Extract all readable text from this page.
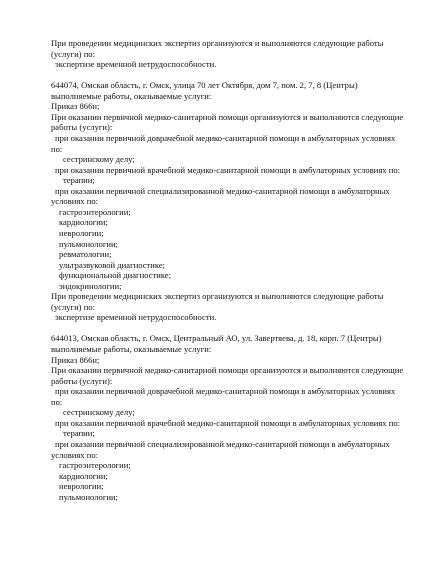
При проведении медицинских экспертиз организуются и выполняются следующие работы
(услуги) по:
экспертизе временной нетрудоспособности.
644074, Омская область, г. Омск, улица 70 лет Октября, дом 7, пом. 2, 7, 8 (Центры)
выполняемые работы, оказываемые услуги:
Приказ 866н;
При оказании первичной медико-санитарной помощи организуются и выполняются следующие
работы (услуги):
при оказании первичной доврачебной медико-санитарной помощи в амбулаторных условиях
по:
сестринскому делу;
при оказании первичной врачебной медико-санитарной помощи в амбулаторных условиях по:
терапии;
при оказании первичной специализированной медико-санитарной помощи в амбулаторных
условиях по:
гастроэнтерологии;
кардиологии;
неврологии;
пульмонологии;
ревматологии;
ультразвуковой диагностике;
функциональной диагностике;
эндокринологии;
При проведении медицинских экспертиз организуются и выполняются следующие работы
(услуги) по:
экспертизе временной нетрудоспособности.
644013, Омская область, г. Омск, Центральный АО, ул. Завертяева, д. 18, корп. 7 (Центры)
выполняемые работы, оказываемые услуги:
Приказ 866н;
При оказании первичной медико-санитарной помощи организуются и выполняются следующие
работы (услуги):
при оказании первичной доврачебной медико-санитарной помощи в амбулаторных условиях
по:
сестринскому делу;
при оказании первичной врачебной медико-санитарной помощи в амбулаторных условиях по:
терапии;
при оказании первичной специализированной медико-санитарной помощи в амбулаторных
условиях по:
гастроэнтерологии;
кардиологии;
неврологии;
пульмонологии;
